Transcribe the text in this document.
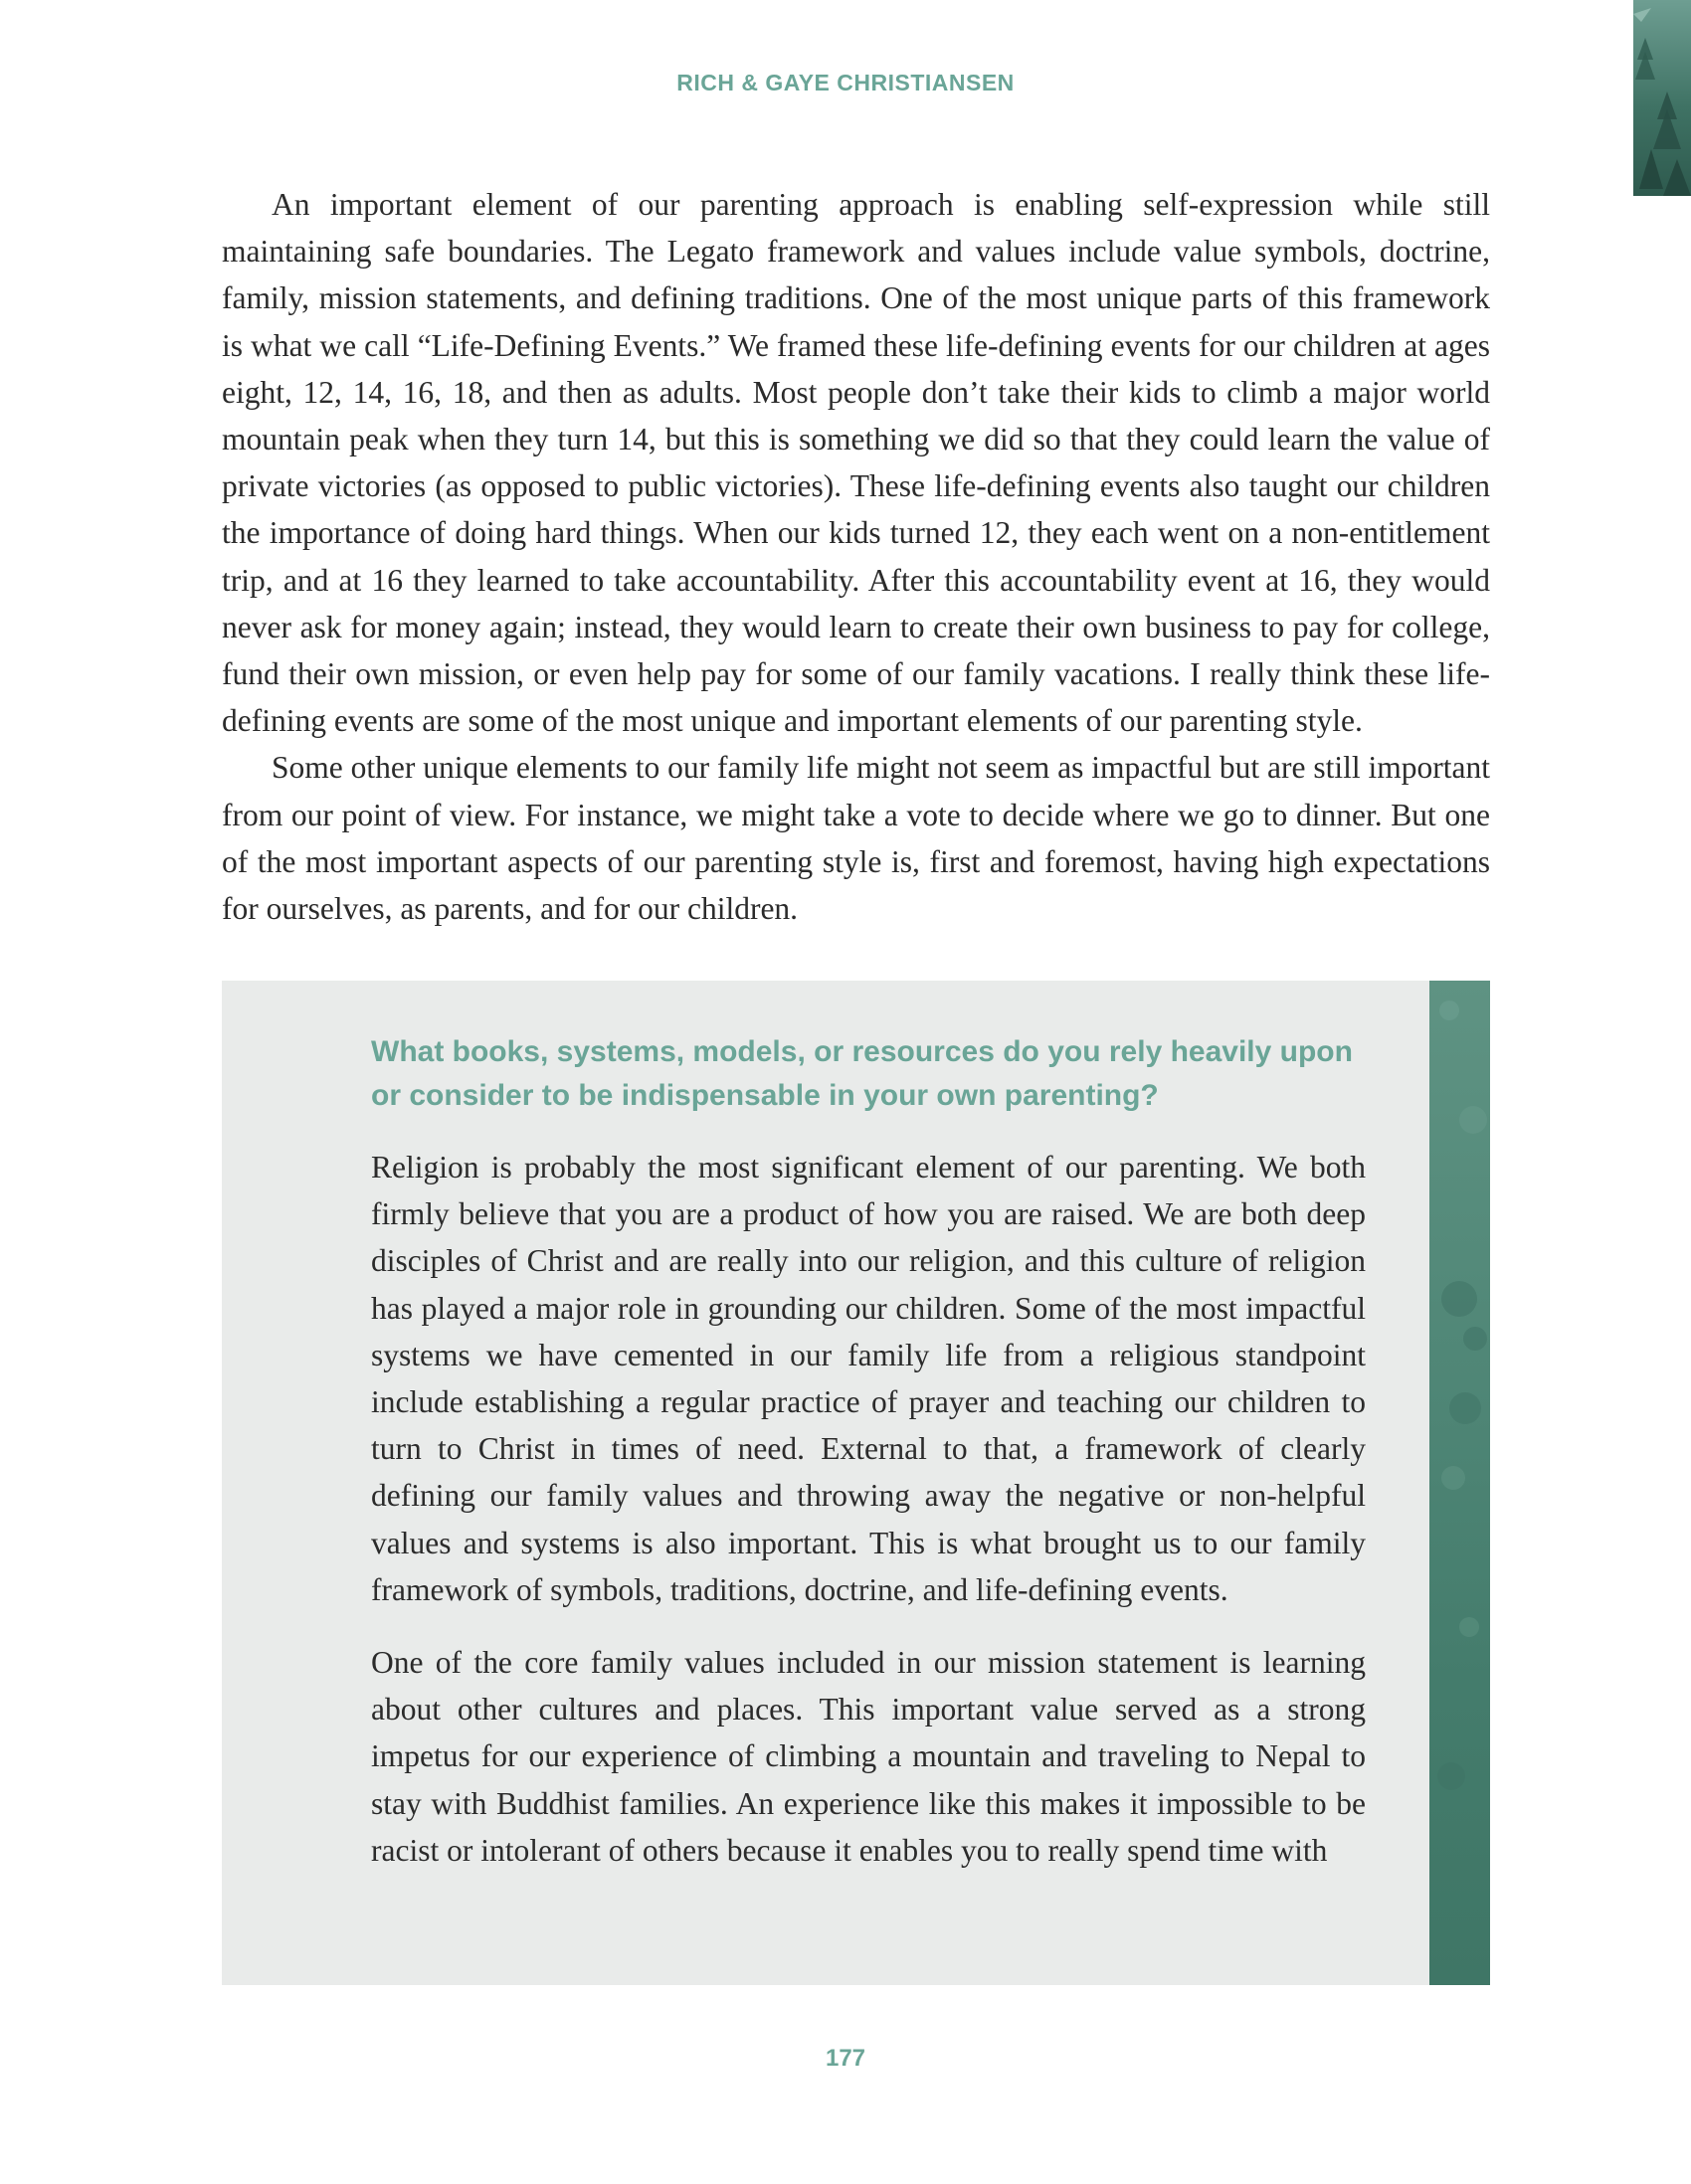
RICH & GAYE CHRISTIANSEN

An important element of our parenting approach is enabling self-expression while still maintaining safe boundaries. The Legato framework and values include value symbols, doctrine, family, mission statements, and defining traditions. One of the most unique parts of this framework is what we call “Life-Defining Events.” We framed these life-defining events for our children at ages eight, 12, 14, 16, 18, and then as adults. Most people don’t take their kids to climb a major world mountain peak when they turn 14, but this is something we did so that they could learn the value of private victories (as opposed to public victories). These life-defining events also taught our children the importance of doing hard things. When our kids turned 12, they each went on a non-entitlement trip, and at 16 they learned to take accountability. After this accountability event at 16, they would never ask for money again; instead, they would learn to create their own business to pay for college, fund their own mission, or even help pay for some of our family vacations. I really think these life-defining events are some of the most unique and important elements of our parenting style.

Some other unique elements to our family life might not seem as impactful but are still important from our point of view. For instance, we might take a vote to decide where we go to dinner. But one of the most important aspects of our parenting style is, first and foremost, having high expectations for ourselves, as parents, and for our children.

What books, systems, models, or resources do you rely heavily upon or consider to be indispensable in your own parenting?

Religion is probably the most significant element of our parenting. We both firmly believe that you are a product of how you are raised. We are both deep disciples of Christ and are really into our religion, and this culture of religion has played a major role in grounding our children. Some of the most impactful systems we have cemented in our family life from a religious standpoint include establishing a regular practice of prayer and teaching our children to turn to Christ in times of need. External to that, a framework of clearly defining our family values and throwing away the negative or non-helpful values and systems is also important. This is what brought us to our family framework of symbols, traditions, doctrine, and life-defining events.

One of the core family values included in our mission statement is learning about other cultures and places. This important value served as a strong impetus for our experience of climbing a mountain and traveling to Nepal to stay with Buddhist families. An experience like this makes it impossible to be racist or intolerant of others because it enables you to really spend time with

177
